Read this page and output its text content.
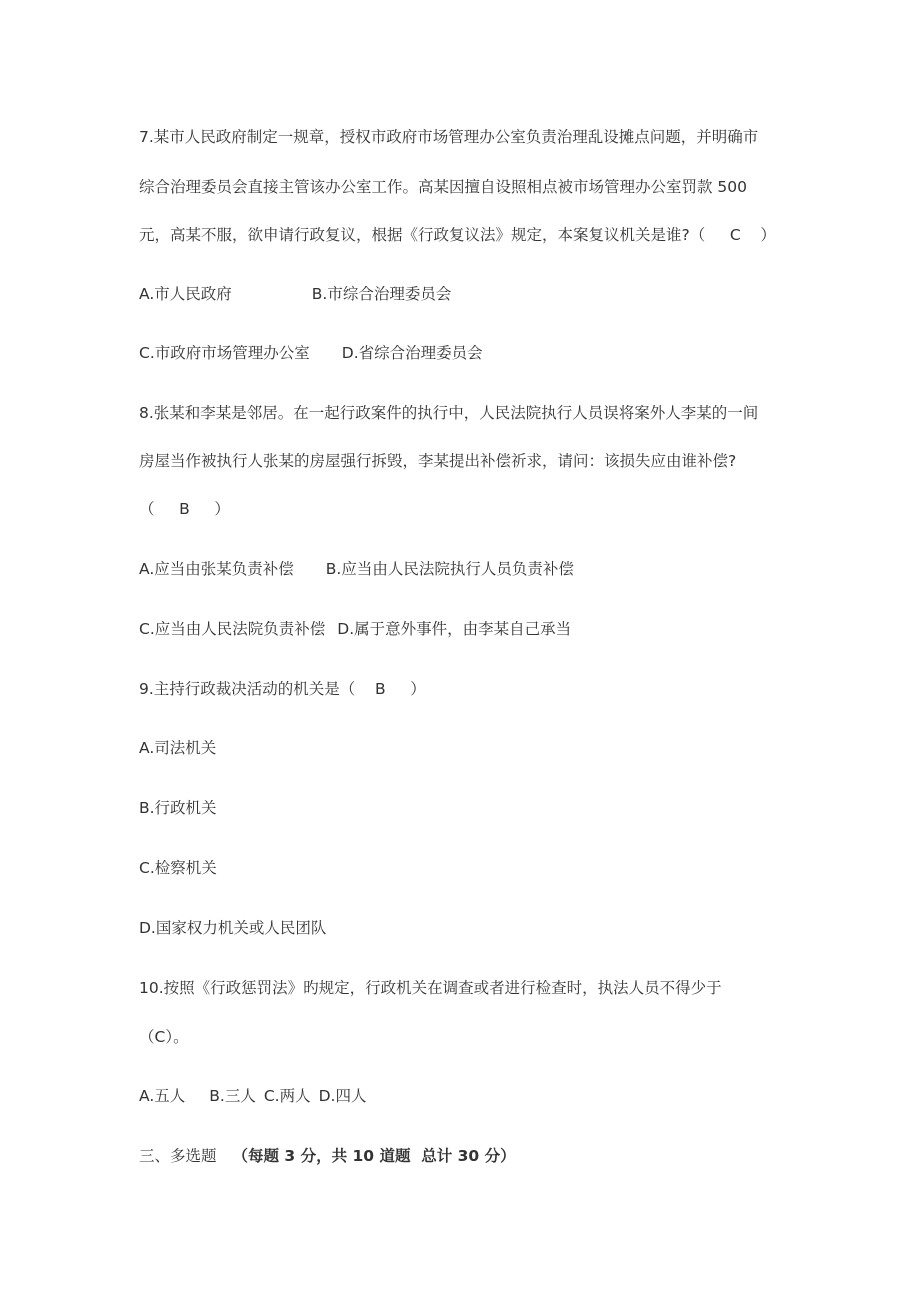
7.某市人民政府制定一规章，授权市政府市场管理办公室负责治理乱设摊点问题，并明确市
综合治理委员会直接主管该办公室工作。高某因擅自设照相点被市场管理办公室罚款 500
元，高某不服，欲申请行政复议，根据《行政复议法》规定，本案复议机关是谁?（     C    ）
A.市人民政府	B.市综合治理委员会
C.市政府市场管理办公室 D.省综合治理委员会
8.张某和李某是邻居。在一起行政案件的执行中，人民法院执行人员误将案外人李某的一间
房屋当作被执行人张某的房屋强行拆毁，李某提出补偿祈求，请问：该损失应由谁补偿?
（     B     ）
A.应当由张某负责补偿 B.应当由人民法院执行人员负责补偿
C.应当由人民法院负责补偿 D.属于意外事件，由李某自己承当
9.主持行政裁决活动的机关是（    B     ）
A.司法机关
B.行政机关
C.检察机关
D.国家权力机关或人民团队
10.按照《行政惩罚法》旳规定，行政机关在调查或者进行检查时，执法人员不得少于
（C）。
A.五人 B.三人 C.两人 D.四人
三、多选题 （每题 3 分，共 10 道题  总计 30 分）
